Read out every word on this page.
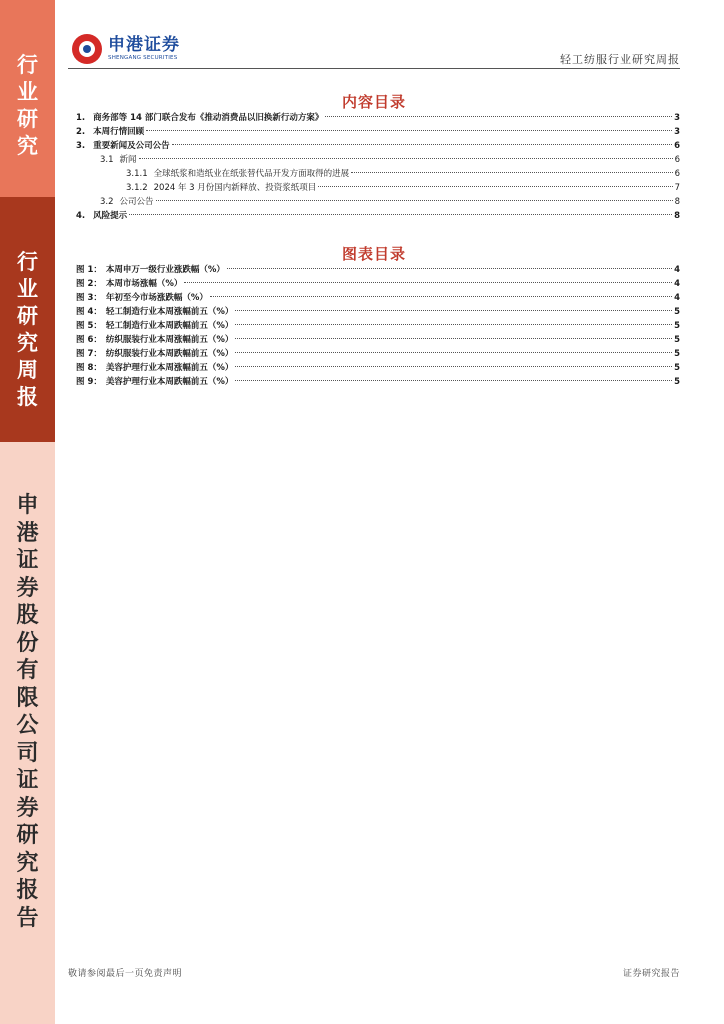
行
业
研
究
行
业
研
究
周
报
申
港
证
券
股
份
有
限
公
司
证
券
研
究
报
告
申港证券
SHENGANG SECURITIES	轻工纺服行业研究周报
内容目录
1. 商务部等 14 部门联合发布《推动消费品以旧换新行动方案》	3
2. 本周行情回顾	3
3. 重要新闻及公司公告	6
3.1 新闻	6
3.1.1 全球纸浆和造纸业在纸张替代品开发方面取得的进展	6
3.1.2 2024 年 3 月份国内新释放、投资浆纸项目	7
3.2 公司公告	8
4. 风险提示	8
图表目录
图 1： 本周申万一级行业涨跌幅（%）	4
图 2： 本周市场涨幅（%）	4
图 3： 年初至今市场涨跌幅（%）	4
图 4： 轻工制造行业本周涨幅前五（%）	5
图 5： 轻工制造行业本周跌幅前五（%）	5
图 6： 纺织服装行业本周涨幅前五（%）	5
图 7： 纺织服装行业本周跌幅前五（%）	5
图 8： 美容护理行业本周涨幅前五（%）	5
图 9： 美容护理行业本周跌幅前五（%）	5
敬请参阅最后一页免责声明	证券研究报告
